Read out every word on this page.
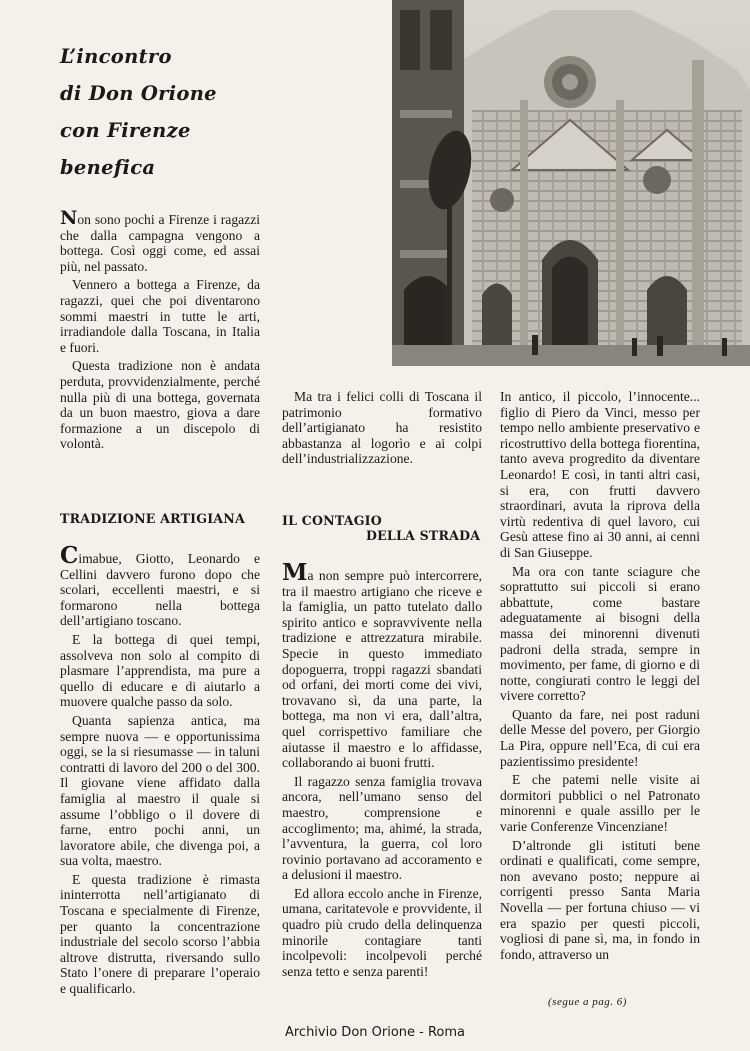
L’incontro
di Don Orione
con Firenze
benefica

Non sono pochi a Firenze i ragazzi che dalla campagna vengono a bottega. Così oggi come, ed assai più, nel passato.

Vennero a bottega a Firenze, da ragazzi, quei che poi diventarono sommi maestri in tutte le arti, irradiandole dalla Toscana, in Italia e fuori.

Questa tradizione non è andata perduta, provvidenzialmente, perché nulla più di una bottega, governata da un buon maestro, giova a dare formazione a un discepolo di volontà.

TRADIZIONE ARTIGIANA

Cimabue, Giotto, Leonardo e Cellini davvero furono dopo che scolari, eccellenti maestri, e si formarono nella bottega dell’artigiano toscano.

E la bottega di quei tempi, assolveva non solo al compito di plasmare l’apprendista, ma pure a quello di educare e di aiutarlo a muovere qualche passo da solo.

Quanta sapienza antica, ma sempre nuova — e opportunissima oggi, se la si riesumasse — in taluni contratti di lavoro del 200 o del 300. Il giovane viene affidato dalla famiglia al maestro il quale si assume l’obbligo o il dovere di farne, entro pochi anni, un lavoratore abile, che divenga poi, a sua volta, maestro.

E questa tradizione è rimasta ininterrotta nell’artigianato di Toscana e specialmente di Firenze, per quanto la concentrazione industriale del secolo scorso l’abbia altrove distrutta, riversando sullo Stato l’onere di preparare l’operaio e qualificarlo.

Ma tra i felici colli di Toscana il patrimonio formativo dell’artigianato ha resistito abbastanza al logorìo e ai colpi dell’industrializzazione.

IL CONTAGIO
DELLA STRADA

Ma non sempre può intercorrere, tra il maestro artigiano che riceve e la famiglia, un patto tutelato dallo spirito antico e sopravvivente nella tradizione e attrezzatura mirabile. Specie in questo immediato dopoguerra, troppi ragazzi sbandati od orfani, dei morti come dei vivi, trovavano sì, da una parte, la bottega, ma non vi era, dall’altra, quel corrispettivo familiare che aiutasse il maestro e lo affidasse, collaborando ai buoni frutti.

Il ragazzo senza famiglia trovava ancora, nell’umano senso del maestro, comprensione e accoglimento; ma, ahimé, la strada, l’avventura, la guerra, col loro rovinio portavano ad accoramento e a delusioni il maestro.

Ed allora eccolo anche in Firenze, umana, caritatevole e provvidente, il quadro più crudo della delinquenza minorile contagiare tanti incolpevoli: incolpevoli perché senza tetto e senza parenti!

In antico, il piccolo, l’innocente... figlio di Piero da Vinci, messo per tempo nello ambiente preservativo e ricostruttivo della bottega fiorentina, tanto aveva progredito da diventare Leonardo! E così, in tanti altri casi, si era, con frutti davvero straordinari, avuta la riprova della virtù redentiva di quel lavoro, cui Gesù attese fino ai 30 anni, ai cenni di San Giuseppe.

Ma ora con tante sciagure che soprattutto sui piccoli si erano abbattute, come bastare adeguatamente ai bisogni della massa dei minorenni divenuti padroni della strada, sempre in movimento, per fame, di giorno e di notte, congiurati contro le leggi del vivere corretto?

Quanto da fare, nei post raduni delle Messe del povero, per Giorgio La Pira, oppure nell’Eca, di cui era pazientissimo presidente!

E che patemi nelle visite ai dormitori pubblici o nel Patronato minorenni e quale assillo per le varie Conferenze Vincenziane!

D’altronde gli istituti bene ordinati e qualificati, come sempre, non avevano posto; neppure ai corrigenti presso Santa Maria Novella — per fortuna chiuso — vi era spazio per questi piccoli, vogliosi di pane sì, ma, in fondo in fondo, attraverso un

(segue a pag. 6)
Archivio Don Orione - Roma
